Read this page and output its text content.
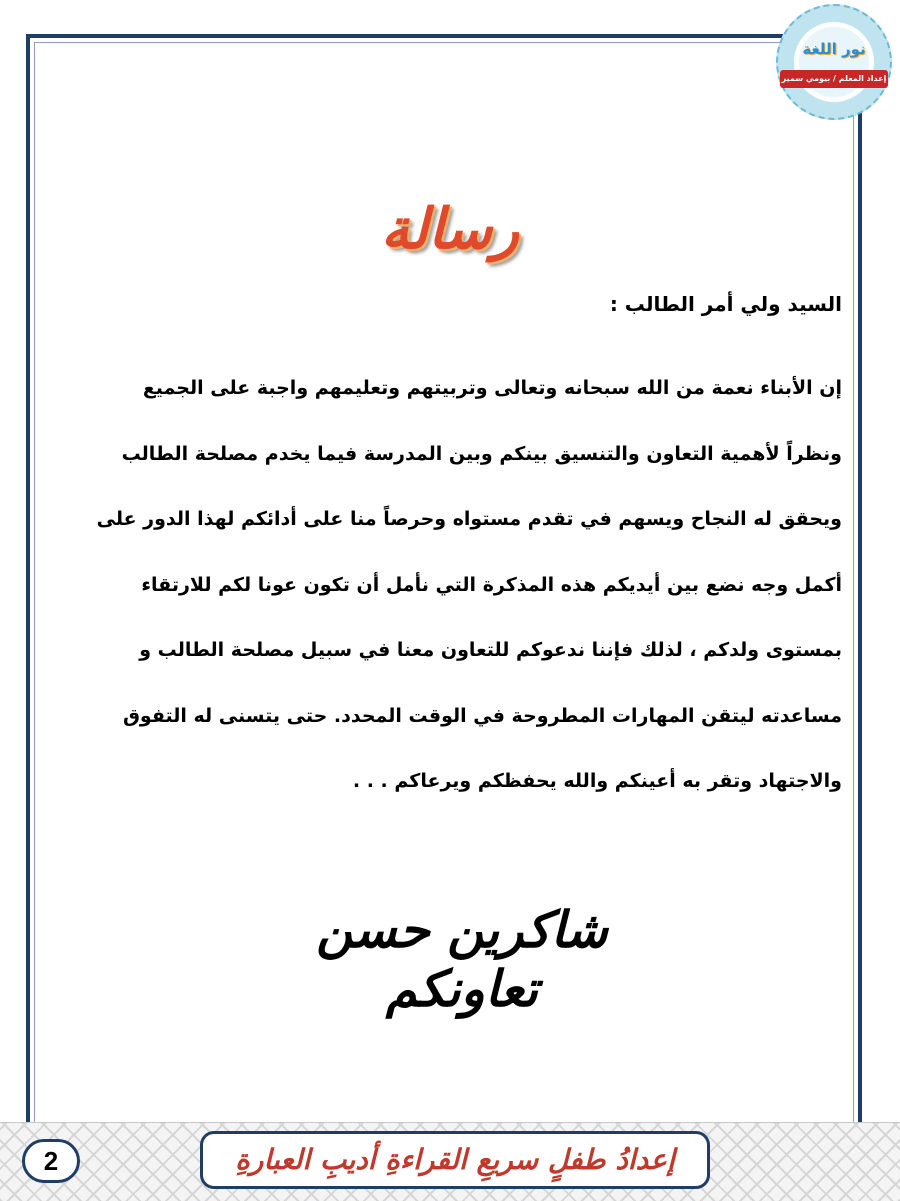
نور اللغة
إعداد المعلم / بيومي سمير
رسالة
السيد ولي أمر الطالب :
إن الأبناء نعمة من الله سبحانه وتعالى وتربيتهم وتعليمهم واجبة على الجميع
ونظراً لأهمية التعاون والتنسيق بينكم وبين المدرسة فيما يخدم مصلحة الطالب
ويحقق له النجاح ويسهم في تقدم مستواه وحرصاً منا على أدائكم لهذا الدور على
أكمل وجه نضع بين أيديكم هذه المذكرة التي نأمل أن تكون عونا لكم للارتقاء
بمستوى ولدكم ، لذلك فإننا ندعوكم للتعاون معنا في سبيل مصلحة الطالب و
مساعدته ليتقن المهارات المطروحة في الوقت المحدد. حتى يتسنى له التفوق
والاجتهاد وتقر به أعينكم والله يحفظكم ويرعاكم . . .
شاكرين حسن تعاونكم
2	إعدادُ طفلٍ سريعِ القراءةِ أديبِ العبارةِ
